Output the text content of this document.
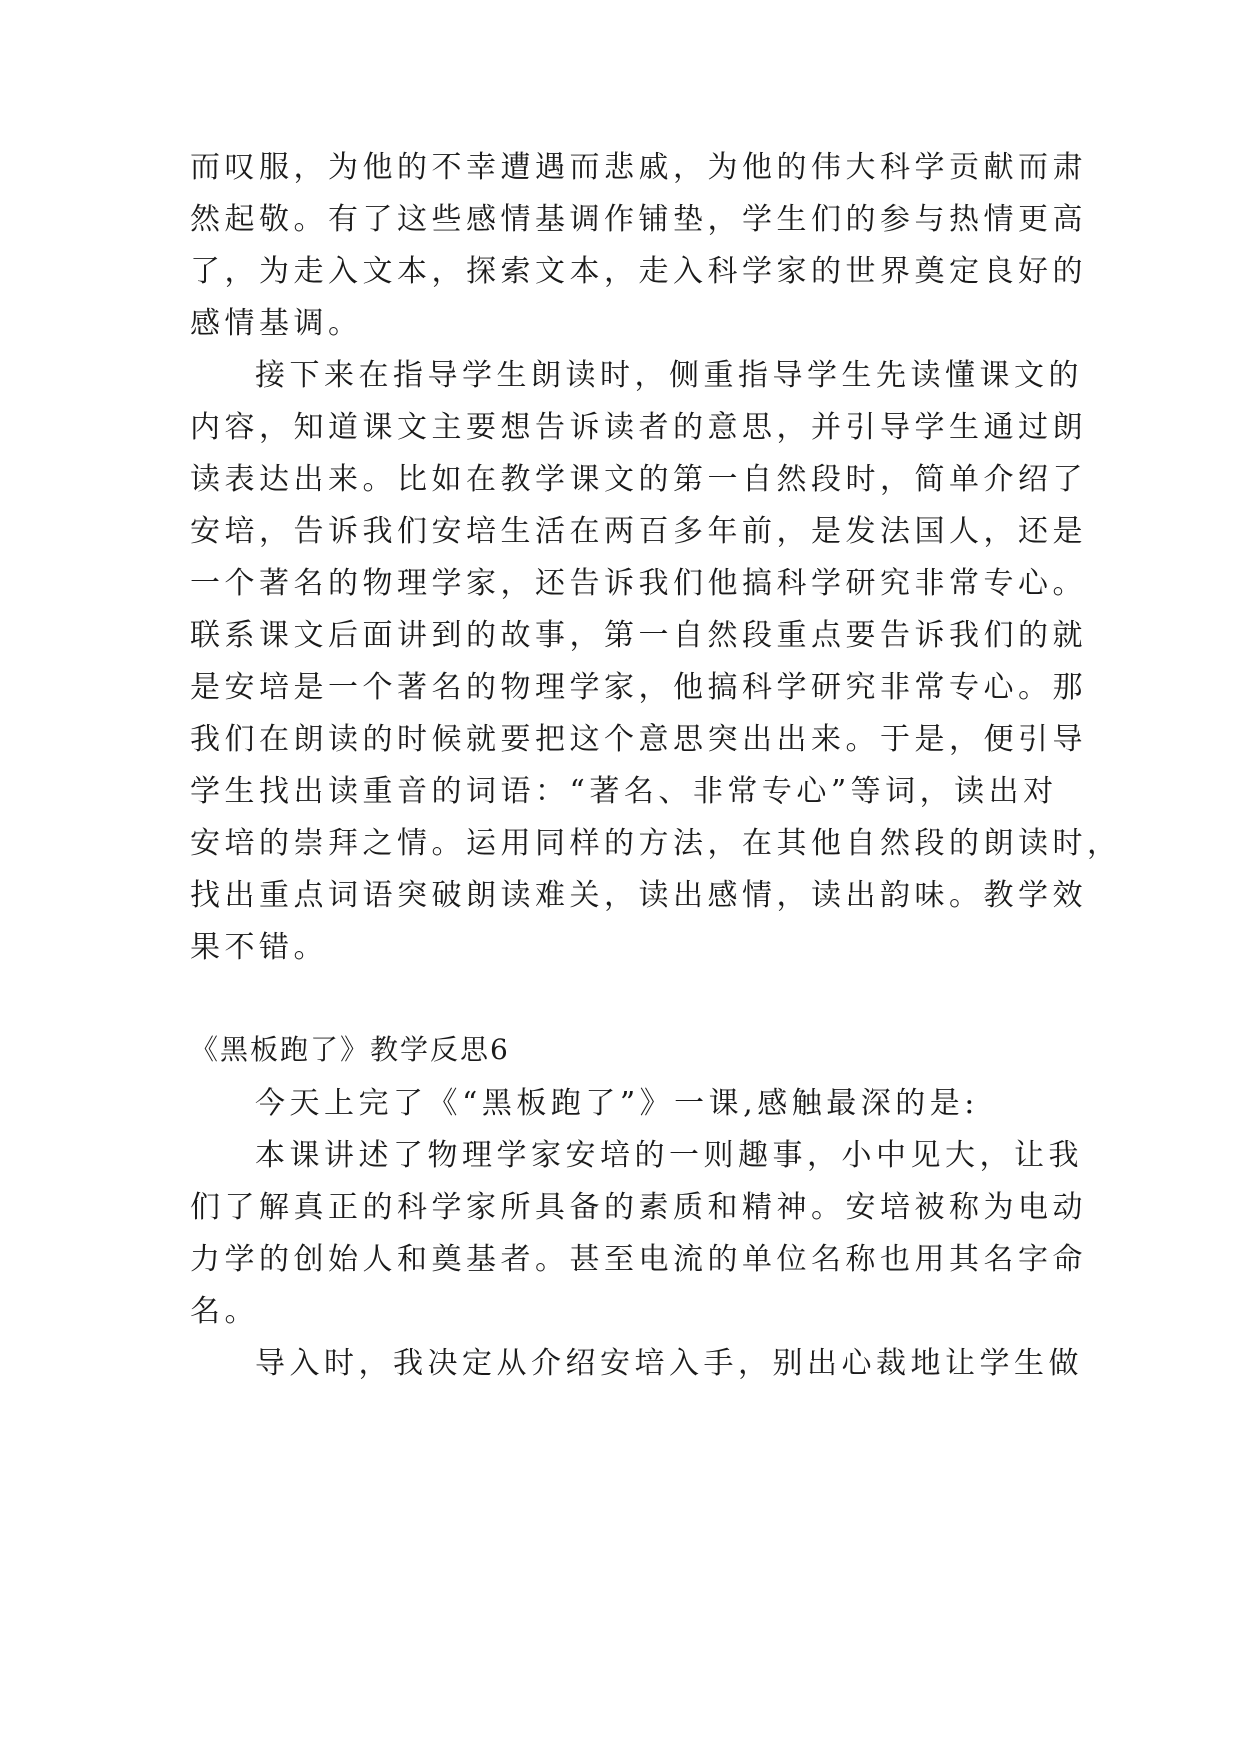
而叹服，为他的不幸遭遇而悲戚，为他的伟大科学贡献而肃
然起敬。有了这些感情基调作铺垫，学生们的参与热情更高
了，为走入文本，探索文本，走入科学家的世界奠定良好的
感情基调。
接下来在指导学生朗读时，侧重指导学生先读懂课文的
内容，知道课文主要想告诉读者的意思，并引导学生通过朗
读表达出来。比如在教学课文的第一自然段时，简单介绍了
安培，告诉我们安培生活在两百多年前，是发法国人，还是
一个著名的物理学家，还告诉我们他搞科学研究非常专心。
联系课文后面讲到的故事，第一自然段重点要告诉我们的就
是安培是一个著名的物理学家，他搞科学研究非常专心。那
我们在朗读的时候就要把这个意思突出出来。于是，便引导
学生找出读重音的词语：“著名、非常专心”等词，读出对
安培的崇拜之情。运用同样的方法，在其他自然段的朗读时，
找出重点词语突破朗读难关，读出感情，读出韵味。教学效
果不错。
《黑板跑了》教学反思6
今天上完了《“黑板跑了”》一课,感触最深的是:
本课讲述了物理学家安培的一则趣事，小中见大，让我
们了解真正的科学家所具备的素质和精神。安培被称为电动
力学的创始人和奠基者。甚至电流的单位名称也用其名字命
名。
导入时，我决定从介绍安培入手，别出心裁地让学生做
